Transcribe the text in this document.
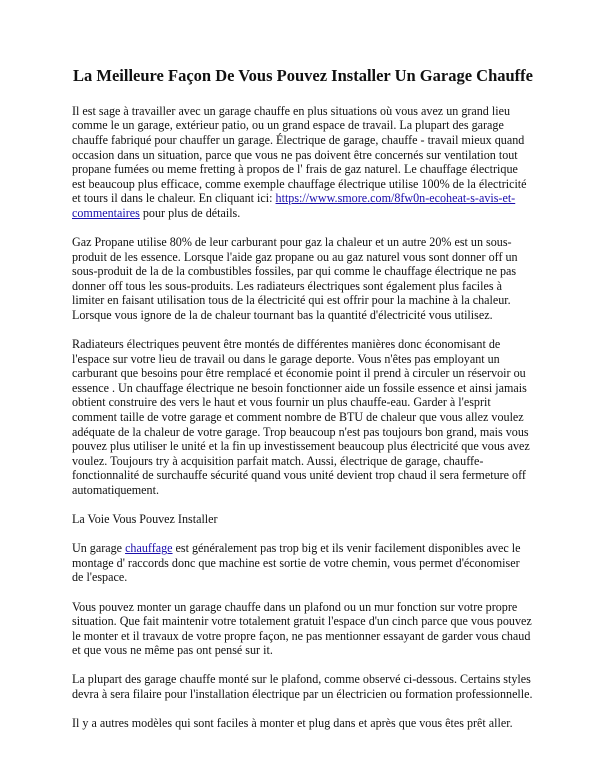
La Meilleure Façon De Vous Pouvez Installer Un Garage Chauffe

Il est sage à travailler avec un garage chauffe en plus situations où vous avez un grand lieu comme le un garage, extérieur patio, ou un grand espace de travail. La plupart des garage chauffe fabriqué pour chauffer un garage. Électrique de garage, chauffe - travail mieux quand occasion dans un situation, parce que vous ne pas doivent être concernés sur ventilation tout propane fumées ou meme fretting à propos de l' frais de gaz naturel. Le chauffage électrique est beaucoup plus efficace, comme exemple chauffage électrique utilise 100% de la électricité et tours il dans le chaleur. En cliquant ici: https://www.smore.com/8fw0n-ecoheat-s-avis-et-commentaires pour plus de détails.

Gaz Propane utilise 80% de leur carburant pour gaz la chaleur et un autre 20% est un sous-produit de les essence. Lorsque l'aide gaz propane ou au gaz naturel vous sont donner off un sous-produit de la de la combustibles fossiles, par qui comme le chauffage électrique ne pas donner off tous les sous-produits. Les radiateurs électriques sont également plus faciles à limiter en faisant utilisation tous de la électricité qui est offrir pour la machine à la chaleur. Lorsque vous ignore de la de chaleur tournant bas la quantité d'électricité vous utilisez.

Radiateurs électriques peuvent être montés de différentes manières donc économisant de l'espace sur votre lieu de travail ou dans le garage deporte. Vous n'êtes pas employant un carburant que besoins pour être remplacé et économie point il prend à circuler un réservoir ou essence . Un chauffage électrique ne besoin fonctionner aide un fossile essence et ainsi jamais obtient construire des vers le haut et vous fournir un plus chauffe-eau. Garder à l'esprit comment taille de votre garage et comment nombre de BTU de chaleur que vous allez voulez adéquate de la chaleur de votre garage. Trop beaucoup n'est pas toujours bon grand, mais vous pouvez plus utiliser le unité et la fin up investissement beaucoup plus électricité que vous avez voulez. Toujours try à acquisition parfait match. Aussi, électrique de garage, chauffe-fonctionnalité de surchauffe sécurité quand vous unité devient trop chaud il sera fermeture off automatiquement.

La Voie Vous Pouvez Installer

Un garage chauffage est généralement pas trop big et ils venir facilement disponibles avec le montage d' raccords donc que machine est sortie de votre chemin, vous permet d'économiser de l'espace.

Vous pouvez monter un garage chauffe dans un plafond ou un mur fonction sur votre propre situation. Que fait maintenir votre totalement gratuit l'espace d'un cinch parce que vous pouvez le monter et il travaux de votre propre façon, ne pas mentionner essayant de garder vous chaud et que vous ne même pas ont pensé sur it.

La plupart des garage chauffe monté sur le plafond, comme observé ci-dessous. Certains styles devra à sera filaire pour l'installation électrique par un électricien ou formation professionnelle.

Il y a autres modèles qui sont faciles à monter et plug dans et après que vous êtes prêt aller.
